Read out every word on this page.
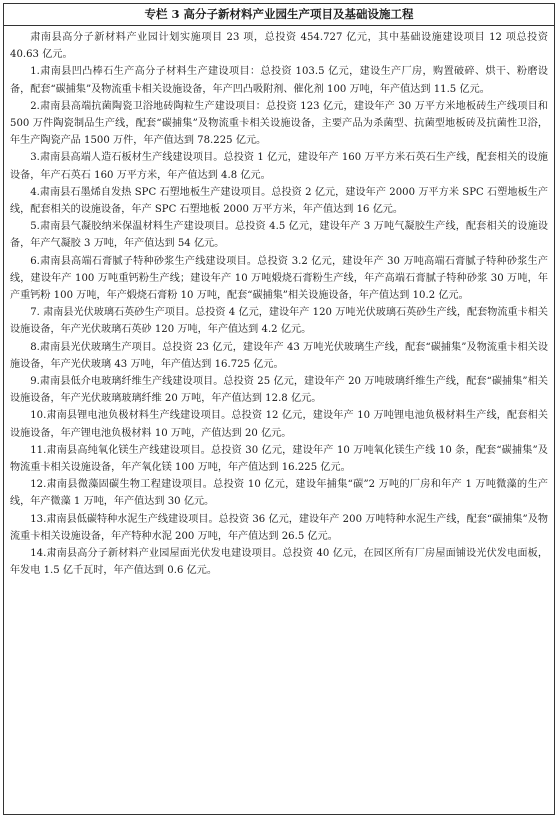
专栏 3 高分子新材料产业园生产项目及基础设施工程

肃南县高分子新材料产业园计划实施项目 23 项，总投资 454.727 亿元，其中基础设施建设项目 12 项总投资 40.63 亿元。

1.肃南县凹凸棒石生产高分子材料生产建设项目：总投资 103.5 亿元，建设生产厂房，购置破碎、烘干、粉磨设备，配套“碳捕集”及物流重卡相关设施设备，年产凹凸吸附剂、催化剂 100 万吨，年产值达到 11.5 亿元。

2.肃南县高端抗菌陶瓷卫浴地砖陶粒生产建设项目：总投资 123 亿元，建设年产 30 万平方米地板砖生产线项目和 500 万件陶瓷制品生产线，配套“碳捕集”及物流重卡相关设施设备，主要产品为杀菌型、抗菌型地板砖及抗菌性卫浴，年生产陶瓷产品 1500 万件，年产值达到 78.225 亿元。

3.肃南县高端人造石板材生产线建设项目。总投资 1 亿元，建设年产 160 万平方米石英石生产线，配套相关的设施设备，年产石英石 160 万平方米，年产值达到 4.8 亿元。

4.肃南县石墨烯自发热 SPC 石塑地板生产建设项目。总投资 2 亿元，建设年产 2000 万平方米 SPC 石塑地板生产线，配套相关的设施设备，年产 SPC 石塑地板 2000 万平方米，年产值达到 16 亿元。

5.肃南县气凝胶纳米保温材料生产建设项目。总投资 4.5 亿元，建设年产 3 万吨气凝胶生产线，配套相关的设施设备，年产气凝胶 3 万吨，年产值达到 54 亿元。

6.肃南县高端石膏腻子特种砂浆生产线建设项目。总投资 3.2 亿元，建设年产 30 万吨高端石膏腻子特种砂浆生产线，建设年产 100 万吨重钙粉生产线；建设年产 10 万吨煅烧石膏粉生产线，年产高端石膏腻子特种砂浆 30 万吨，年产重钙粉 100 万吨，年产煅烧石膏粉 10 万吨，配套“碳捕集”相关设施设备，年产值达到 10.2 亿元。

7. 肃南县光伏玻璃石英砂生产项目。总投资 4 亿元，建设年产 120 万吨光伏玻璃石英砂生产线，配套物流重卡相关设施设备，年产光伏玻璃石英砂 120 万吨，年产值达到 4.2 亿元。

8.肃南县光伏玻璃生产项目。总投资 23 亿元，建设年产 43 万吨光伏玻璃生产线，配套“碳捕集”及物流重卡相关设施设备，年产光伏玻璃 43 万吨，年产值达到 16.725 亿元。

9.肃南县低介电玻璃纤维生产线建设项目。总投资 25 亿元，建设年产 20 万吨玻璃纤维生产线，配套“碳捕集”相关设施设备，年产光伏玻璃玻璃纤维 20 万吨，年产值达到 12.8 亿元。

10.肃南县锂电池负极材料生产线建设项目。总投资 12 亿元，建设年产 10 万吨锂电池负极材料生产线，配套相关设施设备，年产锂电池负极材料 10 万吨，产值达到 20 亿元。

11.肃南县高纯氧化镁生产线建设项目。总投资 30 亿元，建设年产 10 万吨氧化镁生产线 10 条，配套“碳捕集”及物流重卡相关设施设备，年产氧化镁 100 万吨，年产值达到 16.225 亿元。

12.肃南县微藻固碳生物工程建设项目。总投资 10 亿元，建设年捕集“碳”2 万吨的厂房和年产 1 万吨微藻的生产线，年产微藻 1 万吨，年产值达到 30 亿元。

13.肃南县低碳特种水泥生产线建设项目。总投资 36 亿元，建设年产 200 万吨特种水泥生产线，配套“碳捕集”及物流重卡相关设施设备，年产特种水泥 200 万吨，年产值达到 26.5 亿元。

14.肃南县高分子新材料产业园屋面光伏发电建设项目。总投资 40 亿元，在园区所有厂房屋面铺设光伏发电面板，年发电 1.5 亿千瓦时，年产值达到 0.6 亿元。
